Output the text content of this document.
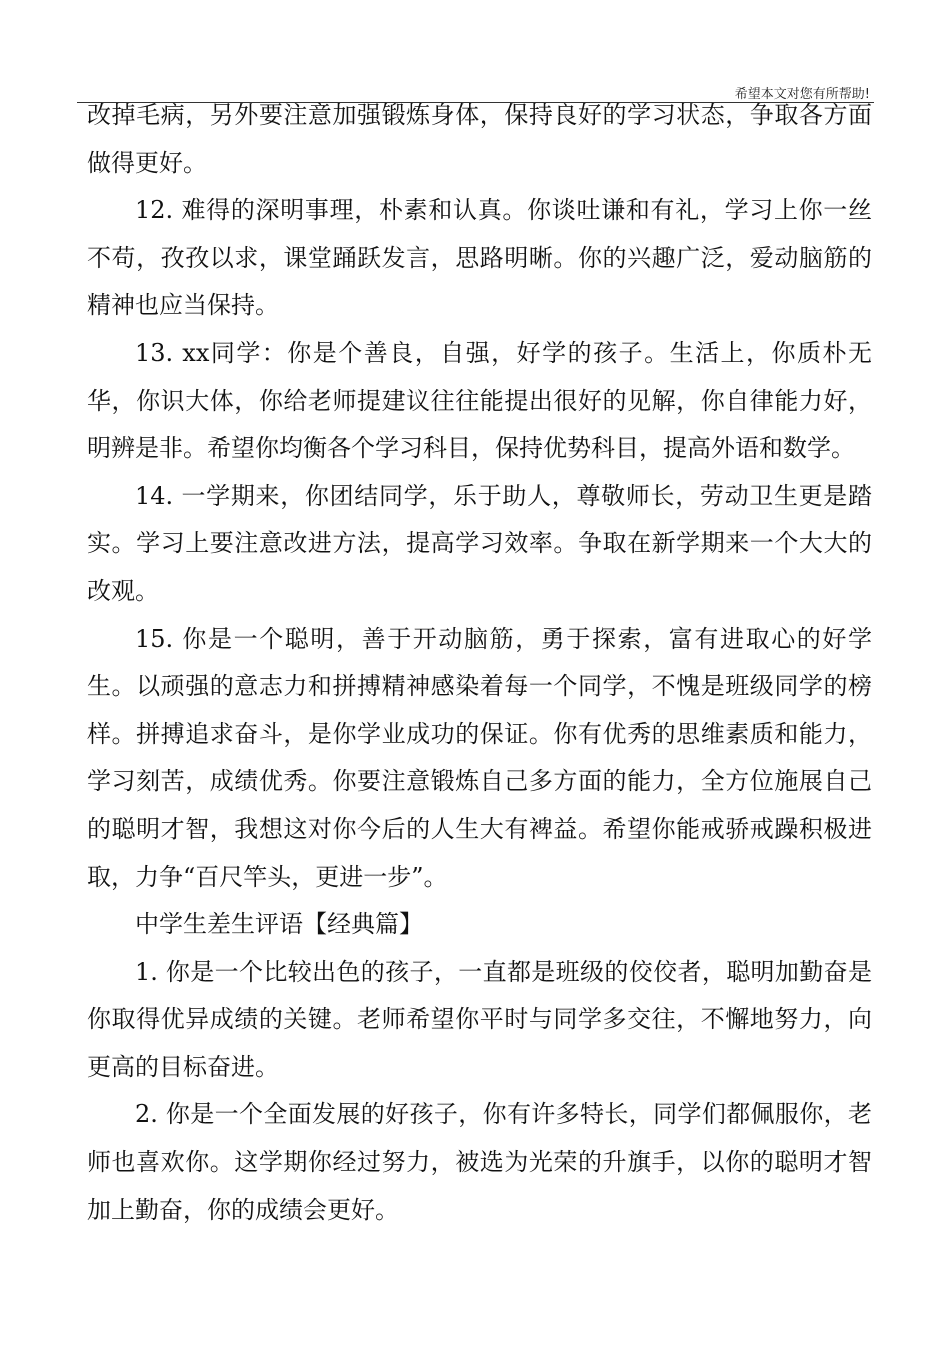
希望本文对您有所帮助!

改掉毛病，另外要注意加强锻炼身体，保持良好的学习状态，争取各方面做得更好。

12. 难得的深明事理，朴素和认真。你谈吐谦和有礼，学习上你一丝不苟，孜孜以求，课堂踊跃发言，思路明晰。你的兴趣广泛，爱动脑筋的精神也应当保持。

13. xx同学：你是个善良，自强，好学的孩子。生活上，你质朴无华，你识大体，你给老师提建议往往能提出很好的见解，你自律能力好，明辨是非。希望你均衡各个学习科目，保持优势科目，提高外语和数学。

14. 一学期来，你团结同学，乐于助人，尊敬师长，劳动卫生更是踏实。学习上要注意改进方法，提高学习效率。争取在新学期来一个大大的改观。

15. 你是一个聪明，善于开动脑筋，勇于探索，富有进取心的好学生。以顽强的意志力和拼搏精神感染着每一个同学，不愧是班级同学的榜样。拼搏追求奋斗，是你学业成功的保证。你有优秀的思维素质和能力，学习刻苦，成绩优秀。你要注意锻炼自己多方面的能力，全方位施展自己的聪明才智，我想这对你今后的人生大有裨益。希望你能戒骄戒躁积极进取，力争“百尺竿头，更进一步”。

中学生差生评语【经典篇】

1. 你是一个比较出色的孩子，一直都是班级的佼佼者，聪明加勤奋是你取得优异成绩的关键。老师希望你平时与同学多交往，不懈地努力，向更高的目标奋进。

2. 你是一个全面发展的好孩子，你有许多特长，同学们都佩服你，老师也喜欢你。这学期你经过努力，被选为光荣的升旗手，以你的聪明才智加上勤奋，你的成绩会更好。
